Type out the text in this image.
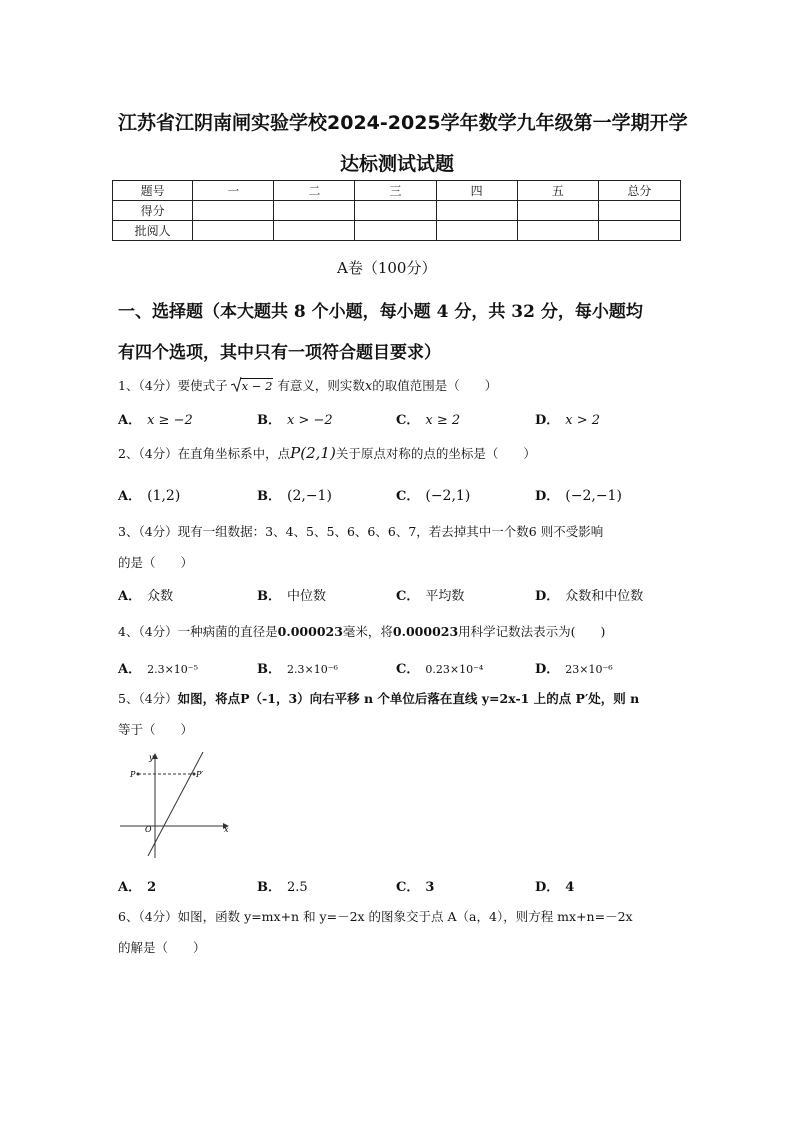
江苏省江阴南闸实验学校2024-2025学年数学九年级第一学期开学
达标测试试题
题号	一	二	三	四	五	总分
得分						
批阅人						
A卷（100分）
一、选择题（本大题共 8 个小题，每小题 4 分，共 32 分，每小题均
有四个选项，其中只有一项符合题目要求）
1、（4分）要使式子 x − 2 有意义，则实数x的取值范围是（　　）
A． x ≥ −2	B． x > −2	C． x ≥ 2	D． x > 2
2、（4分）在直角坐标系中，点P(2,1)关于原点对称的点的坐标是（　　）
A． (1,2)	B． (2,−1)	C． (−2,1)	D． (−2,−1)
3、（4分）现有一组数据：3、4、5、5、6、6、6、7，若去掉其中一个数6 则不受影响
的是（　　）
A． 众数	B． 中位数	C． 平均数	D． 众数和中位数
4、（4分）一种病菌的直径是0.000023毫米，将0.000023用科学记数法表示为(　　)
A． 2.3×10⁻⁵	B． 2.3×10⁻⁶	C． 0.23×10⁻⁴	D． 23×10⁻⁶
5、（4分）如图，将点P（-1，3）向右平移 n 个单位后落在直线 y=2x-1 上的点 P′处，则 n
等于（　　）
y
x
O
P	P′
A． 2	B． 2.5	C． 3	D． 4
6、（4分）如图，函数 y=mx+n 和 y=－2x 的图象交于点 A（a，4），则方程 mx+n=－2x
的解是（　　）
